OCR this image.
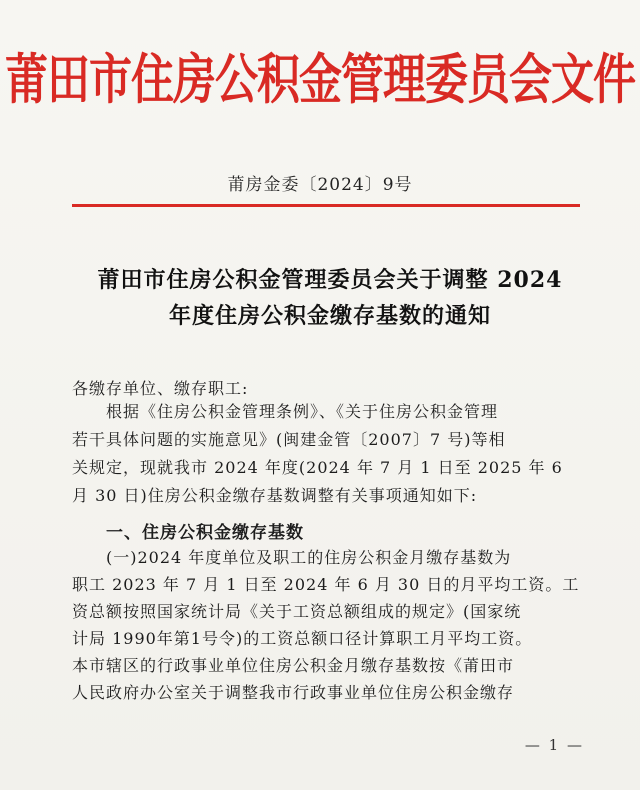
莆田市住房公积金管理委员会文件
莆房金委〔2024〕9号
莆田市住房公积金管理委员会关于调整 2024
年度住房公积金缴存基数的通知
各缴存单位、缴存职工:
根据《住房公积金管理条例》、《关于住房公积金管理
若干具体问题的实施意见》(闽建金管〔2007〕7 号)等相
关规定，现就我市 2024 年度(2024 年 7 月 1 日至 2025 年 6
月 30 日)住房公积金缴存基数调整有关事项通知如下:
一、住房公积金缴存基数
(一)2024 年度单位及职工的住房公积金月缴存基数为
职工 2023 年 7 月 1 日至 2024 年 6 月 30 日的月平均工资。工
资总额按照国家统计局《关于工资总额组成的规定》(国家统
计局 1990年第1号令)的工资总额口径计算职工月平均工资。
本市辖区的行政事业单位住房公积金月缴存基数按《莆田市
人民政府办公室关于调整我市行政事业单位住房公积金缴存
— 1 —
